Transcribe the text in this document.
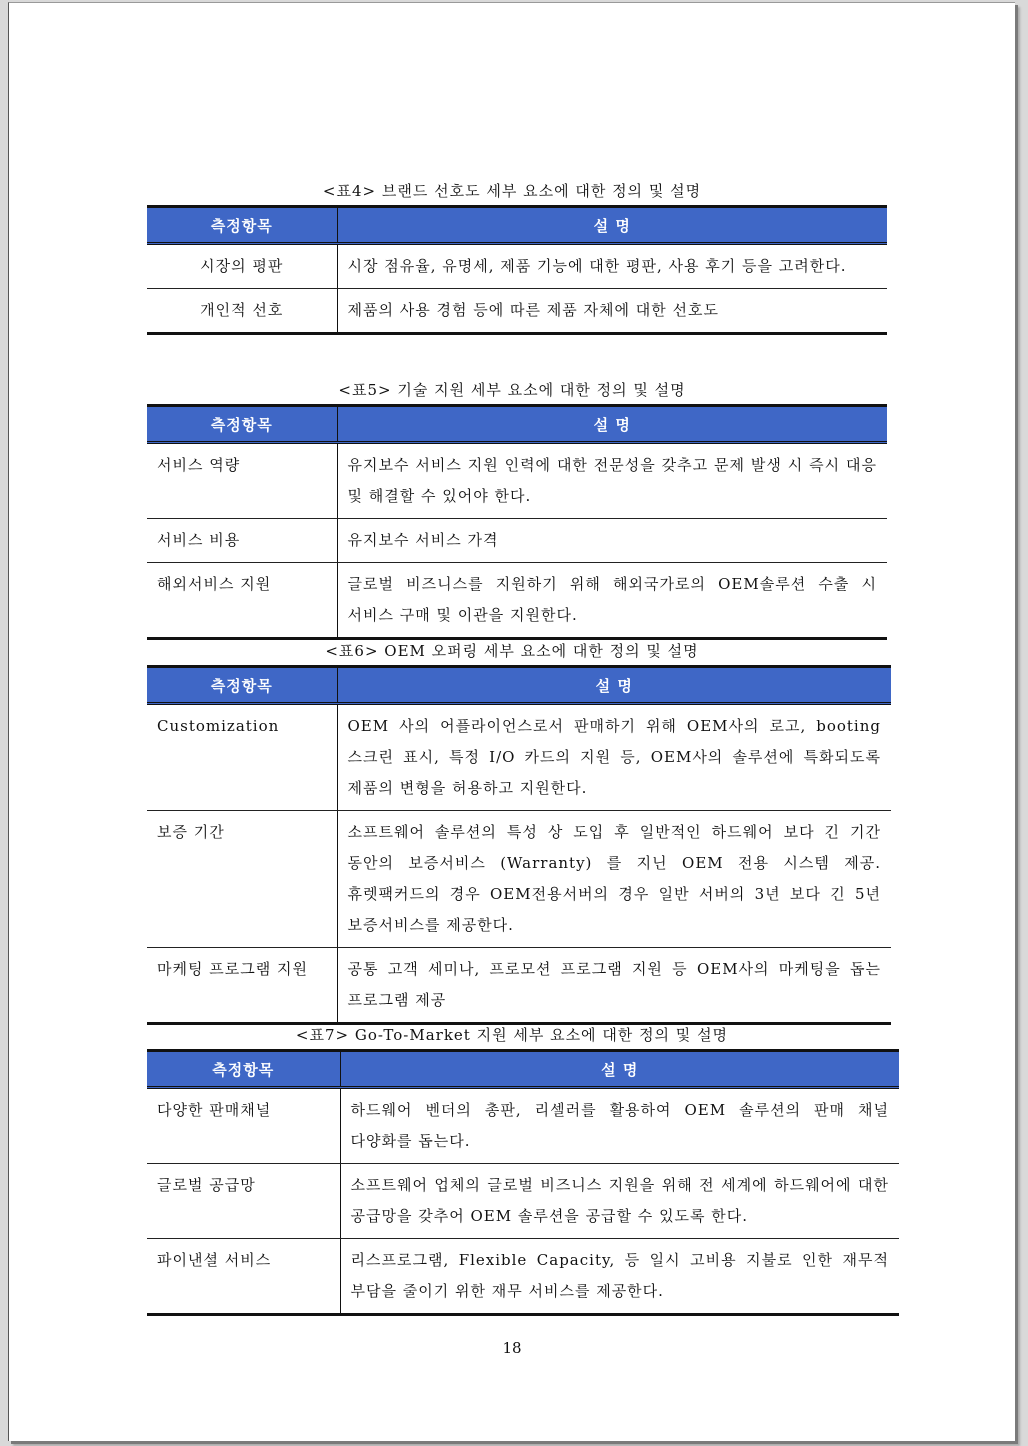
<표4> 브랜드 선호도 세부 요소에 대한 정의 및 설명
측정항목	설 명
시장의 평판	시장 점유율, 유명세, 제품 기능에 대한 평판, 사용 후기 등을 고려한다.
개인적 선호	제품의 사용 경험 등에 따른 제품 자체에 대한 선호도
<표5> 기술 지원 세부 요소에 대한 정의 및 설명
측정항목	설 명
서비스 역량	유지보수 서비스 지원 인력에 대한 전문성을 갖추고 문제 발생 시 즉시 대응 및 해결할 수 있어야 한다.
서비스 비용	유지보수 서비스 가격
해외서비스 지원	글로벌 비즈니스를 지원하기 위해 해외국가로의 OEM솔루션 수출 시 서비스 구매 및 이관을 지원한다.
<표6> OEM 오퍼링 세부 요소에 대한 정의 및 설명
측정항목	설 명
Customization	OEM 사의 어플라이언스로서 판매하기 위해 OEM사의 로고, booting 스크린 표시, 특정 I/O 카드의 지원 등, OEM사의 솔루션에 특화되도록 제품의 변형을 허용하고 지원한다.
보증 기간	소프트웨어 솔루션의 특성 상 도입 후 일반적인 하드웨어 보다 긴 기간 동안의 보증서비스 (Warranty) 를 지닌 OEM 전용 시스템 제공. 휴렛팩커드의 경우 OEM전용서버의 경우 일반 서버의 3년 보다 긴 5년 보증서비스를 제공한다.
마케팅 프로그램 지원	공통 고객 세미나, 프로모션 프로그램 지원 등 OEM사의 마케팅을 돕는 프로그램 제공
<표7> Go-To-Market 지원 세부 요소에 대한 정의 및 설명
측정항목	설 명
다양한 판매채널	하드웨어 벤더의 총판, 리셀러를 활용하여 OEM 솔루션의 판매 채널 다양화를 돕는다.
글로벌 공급망	소프트웨어 업체의 글로벌 비즈니스 지원을 위해 전 세계에 하드웨어에 대한 공급망을 갖추어 OEM 솔루션을 공급할 수 있도록 한다.
파이낸셜 서비스	리스프로그램, Flexible Capacity, 등 일시 고비용 지불로 인한 재무적 부담을 줄이기 위한 재무 서비스를 제공한다.
18
